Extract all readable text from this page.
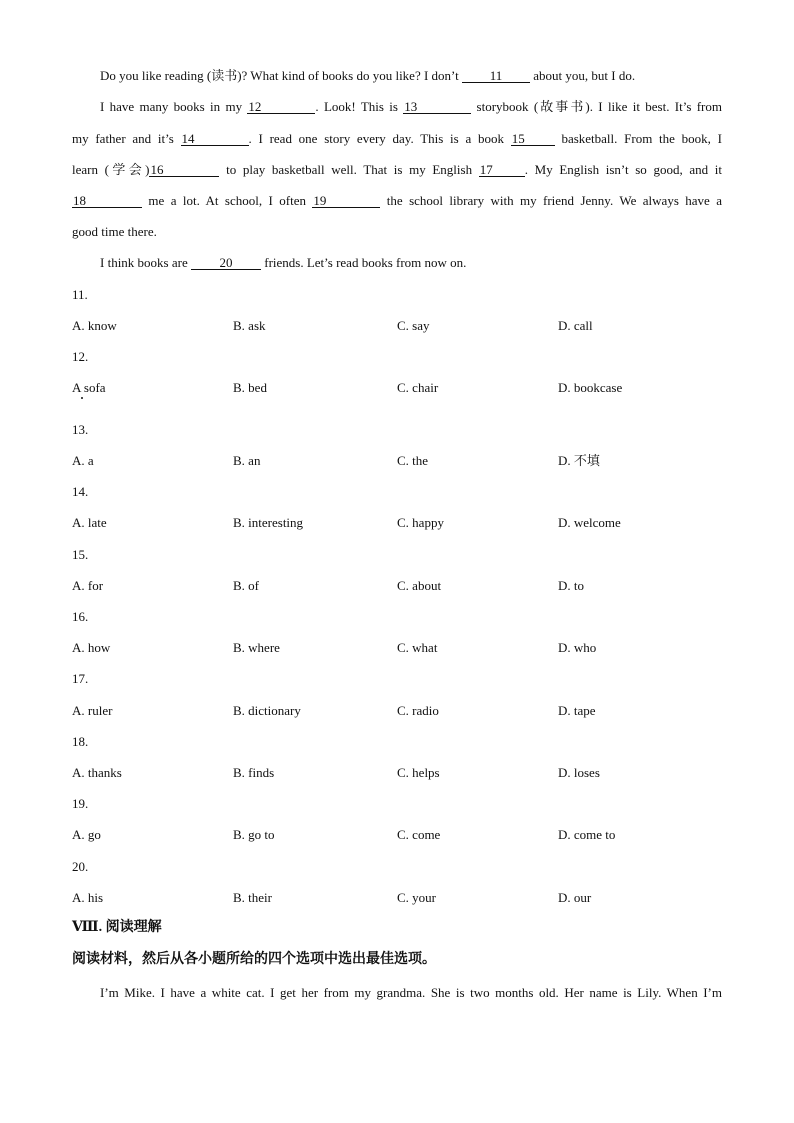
Do you like reading (读书)? What kind of books do you like? I don’t 11 about you, but I do.
I have many books in my 12	. Look! This is 13	storybook (故事书). I like it best. It’s from
my father and it’s 14	. I read one story every day. This is a book 15 basketball. From the book, I
learn (学会)16	to play basketball well. That is my English 17 . My English isn’t so good, and it
18	me a lot. At school, I often 19	the school library with my friend Jenny. We always have a
good time there.
I think books are 20 friends. Let’s read books from now on.
11.
A. know	B. ask	C. say	D. call
12.
A sofa	B. bed	C. chair	D. bookcase
13.
A. a	B. an	C. the	D. 不填
14.
A. late	B. interesting	C. happy	D. welcome
15.
A. for	B. of	C. about	D. to
16.
A. how	B. where	C. what	D. who
17.
A. ruler	B. dictionary	C. radio	D. tape
18.
A. thanks	B. finds	C. helps	D. loses
19.
A. go	B. go to	C. come	D. come to
20.
A. his	B. their	C. your	D. our
Ⅷ. 阅读理解
阅读材料，然后从各小题所给的四个选项中选出最佳选项。
I’m Mike. I have a white cat. I get her from my grandma. She is two months old. Her name is Lily. When I’m
